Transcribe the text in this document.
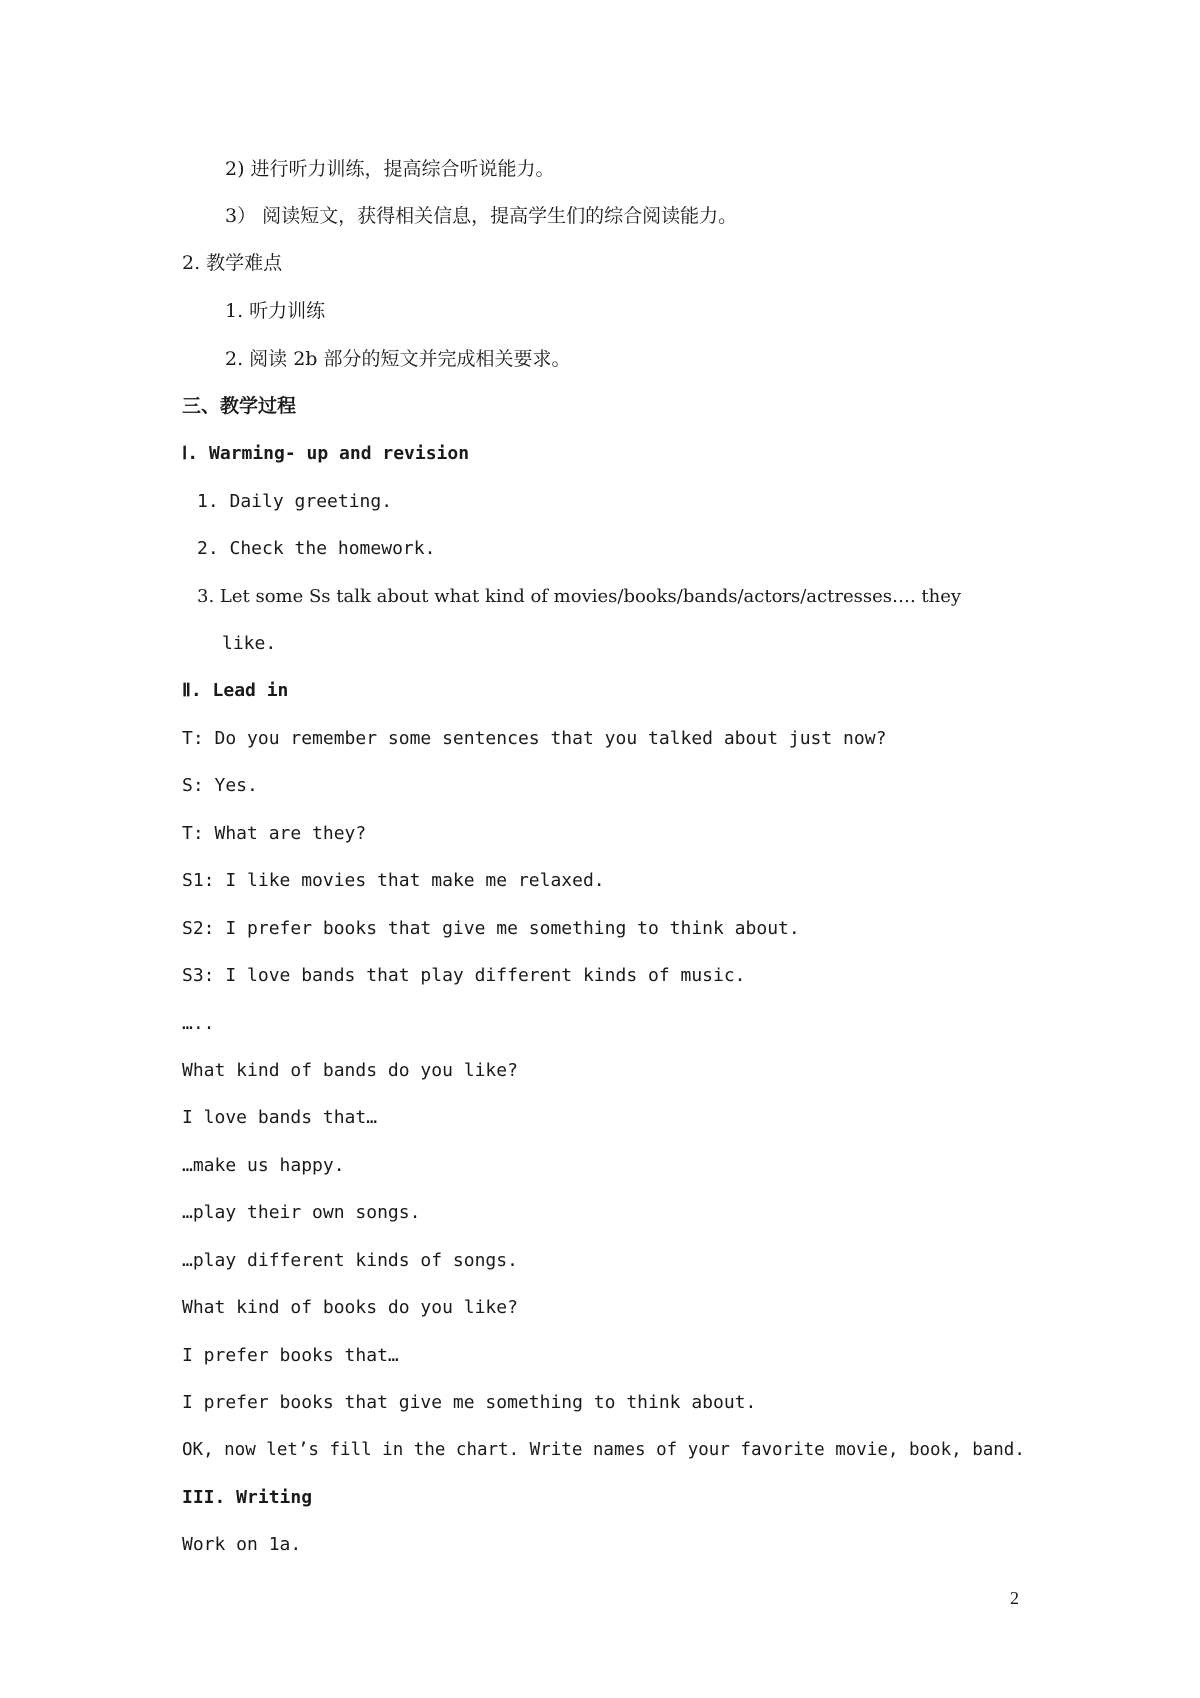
2) 进行听力训练，提高综合听说能力。
3） 阅读短文，获得相关信息，提高学生们的综合阅读能力。
2. 教学难点
1. 听力训练
2. 阅读 2b 部分的短文并完成相关要求。
三、教学过程
Ⅰ. Warming- up and revision
1. Daily greeting.
2. Check the homework.
3. Let some Ss talk about what kind of movies/books/bands/actors/actresses…. they
like.
Ⅱ. Lead in
T: Do you remember some sentences that you talked about just now?
S: Yes.
T: What are they?
S1: I like movies that make me relaxed.
S2: I prefer books that give me something to think about.
S3: I love bands that play different kinds of music.
…..
What kind of bands do you like?
I love bands that…
…make us happy.
…play their own songs.
…play different kinds of songs.
What kind of books do you like?
I prefer books that…
I prefer books that give me something to think about.
OK, now let’s fill in the chart. Write names of your favorite movie, book, band.
III. Writing
Work on 1a.
2
